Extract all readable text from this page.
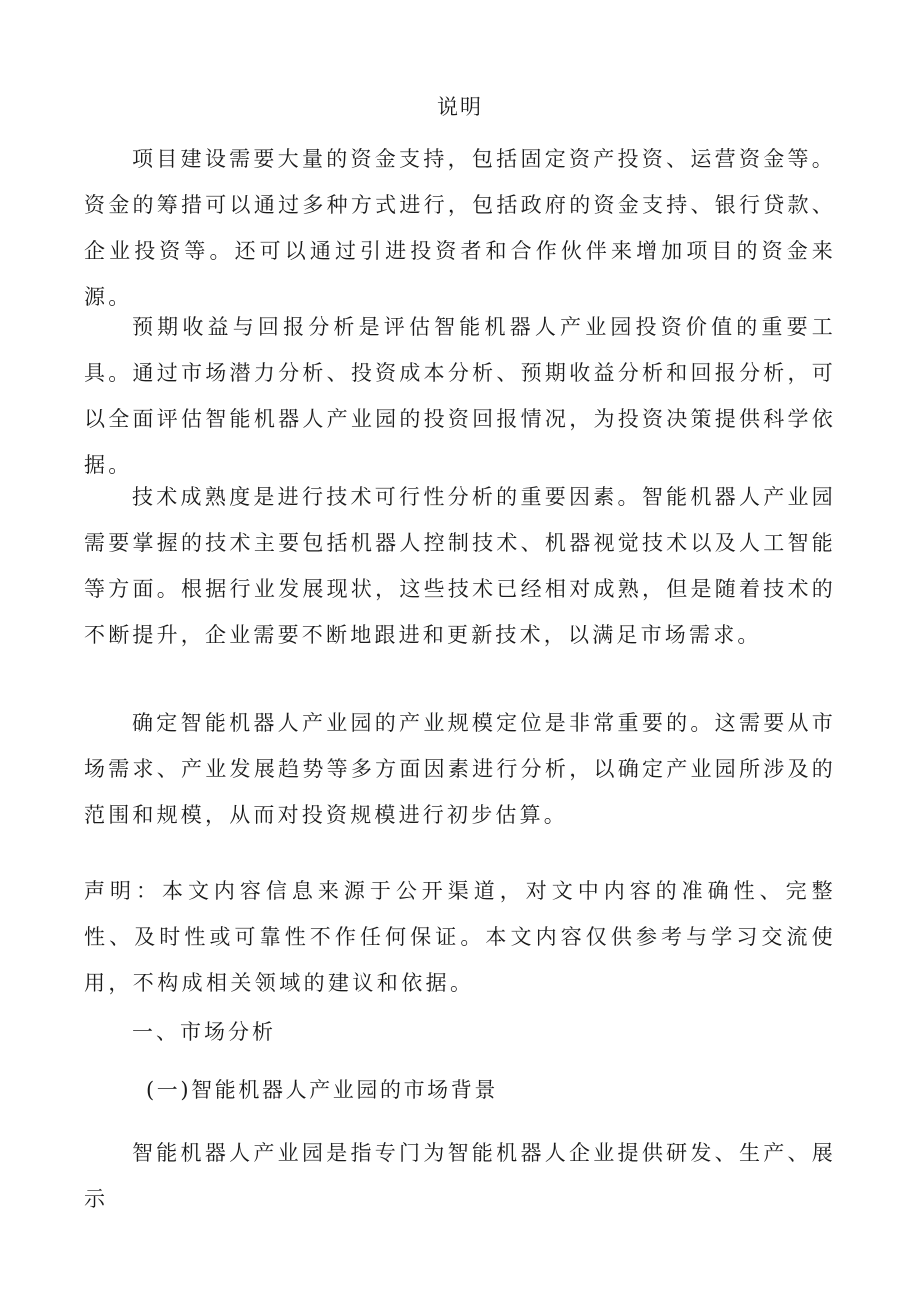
说明

项目建设需要大量的资金支持，包括固定资产投资、运营资金等。资金的筹措可以通过多种方式进行，包括政府的资金支持、银行贷款、企业投资等。还可以通过引进投资者和合作伙伴来增加项目的资金来源。

预期收益与回报分析是评估智能机器人产业园投资价值的重要工具。通过市场潜力分析、投资成本分析、预期收益分析和回报分析，可以全面评估智能机器人产业园的投资回报情况，为投资决策提供科学依据。

技术成熟度是进行技术可行性分析的重要因素。智能机器人产业园需要掌握的技术主要包括机器人控制技术、机器视觉技术以及人工智能等方面。根据行业发展现状，这些技术已经相对成熟，但是随着技术的不断提升，企业需要不断地跟进和更新技术，以满足市场需求。

确定智能机器人产业园的产业规模定位是非常重要的。这需要从市场需求、产业发展趋势等多方面因素进行分析，以确定产业园所涉及的范围和规模，从而对投资规模进行初步估算。

声明：本文内容信息来源于公开渠道，对文中内容的准确性、完整性、及时性或可靠性不作任何保证。本文内容仅供参考与学习交流使用，不构成相关领域的建议和依据。

一、市场分析
(一)智能机器人产业园的市场背景

智能机器人产业园是指专门为智能机器人企业提供研发、生产、展示
